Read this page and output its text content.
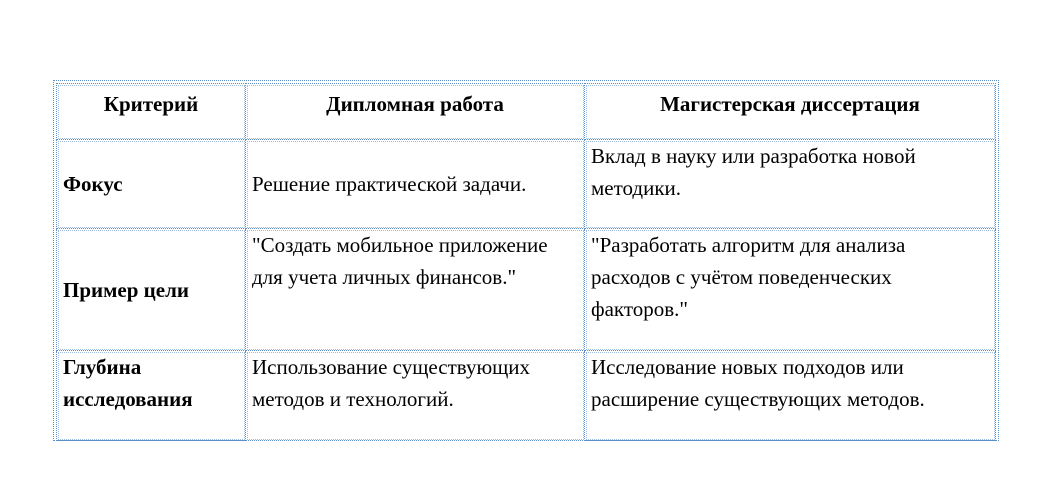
Критерий	Дипломная работа	Магистерская диссертация
Фокус	Решение практической задачи.	Вклад в науку или разработка новой методики.
Пример цели	"Создать мобильное приложение для учета личных финансов."	"Разработать алгоритм для анализа расходов с учётом поведенческих факторов."
Глубина исследования	Использование существующих методов и технологий.	Исследование новых подходов или расширение существующих методов.
